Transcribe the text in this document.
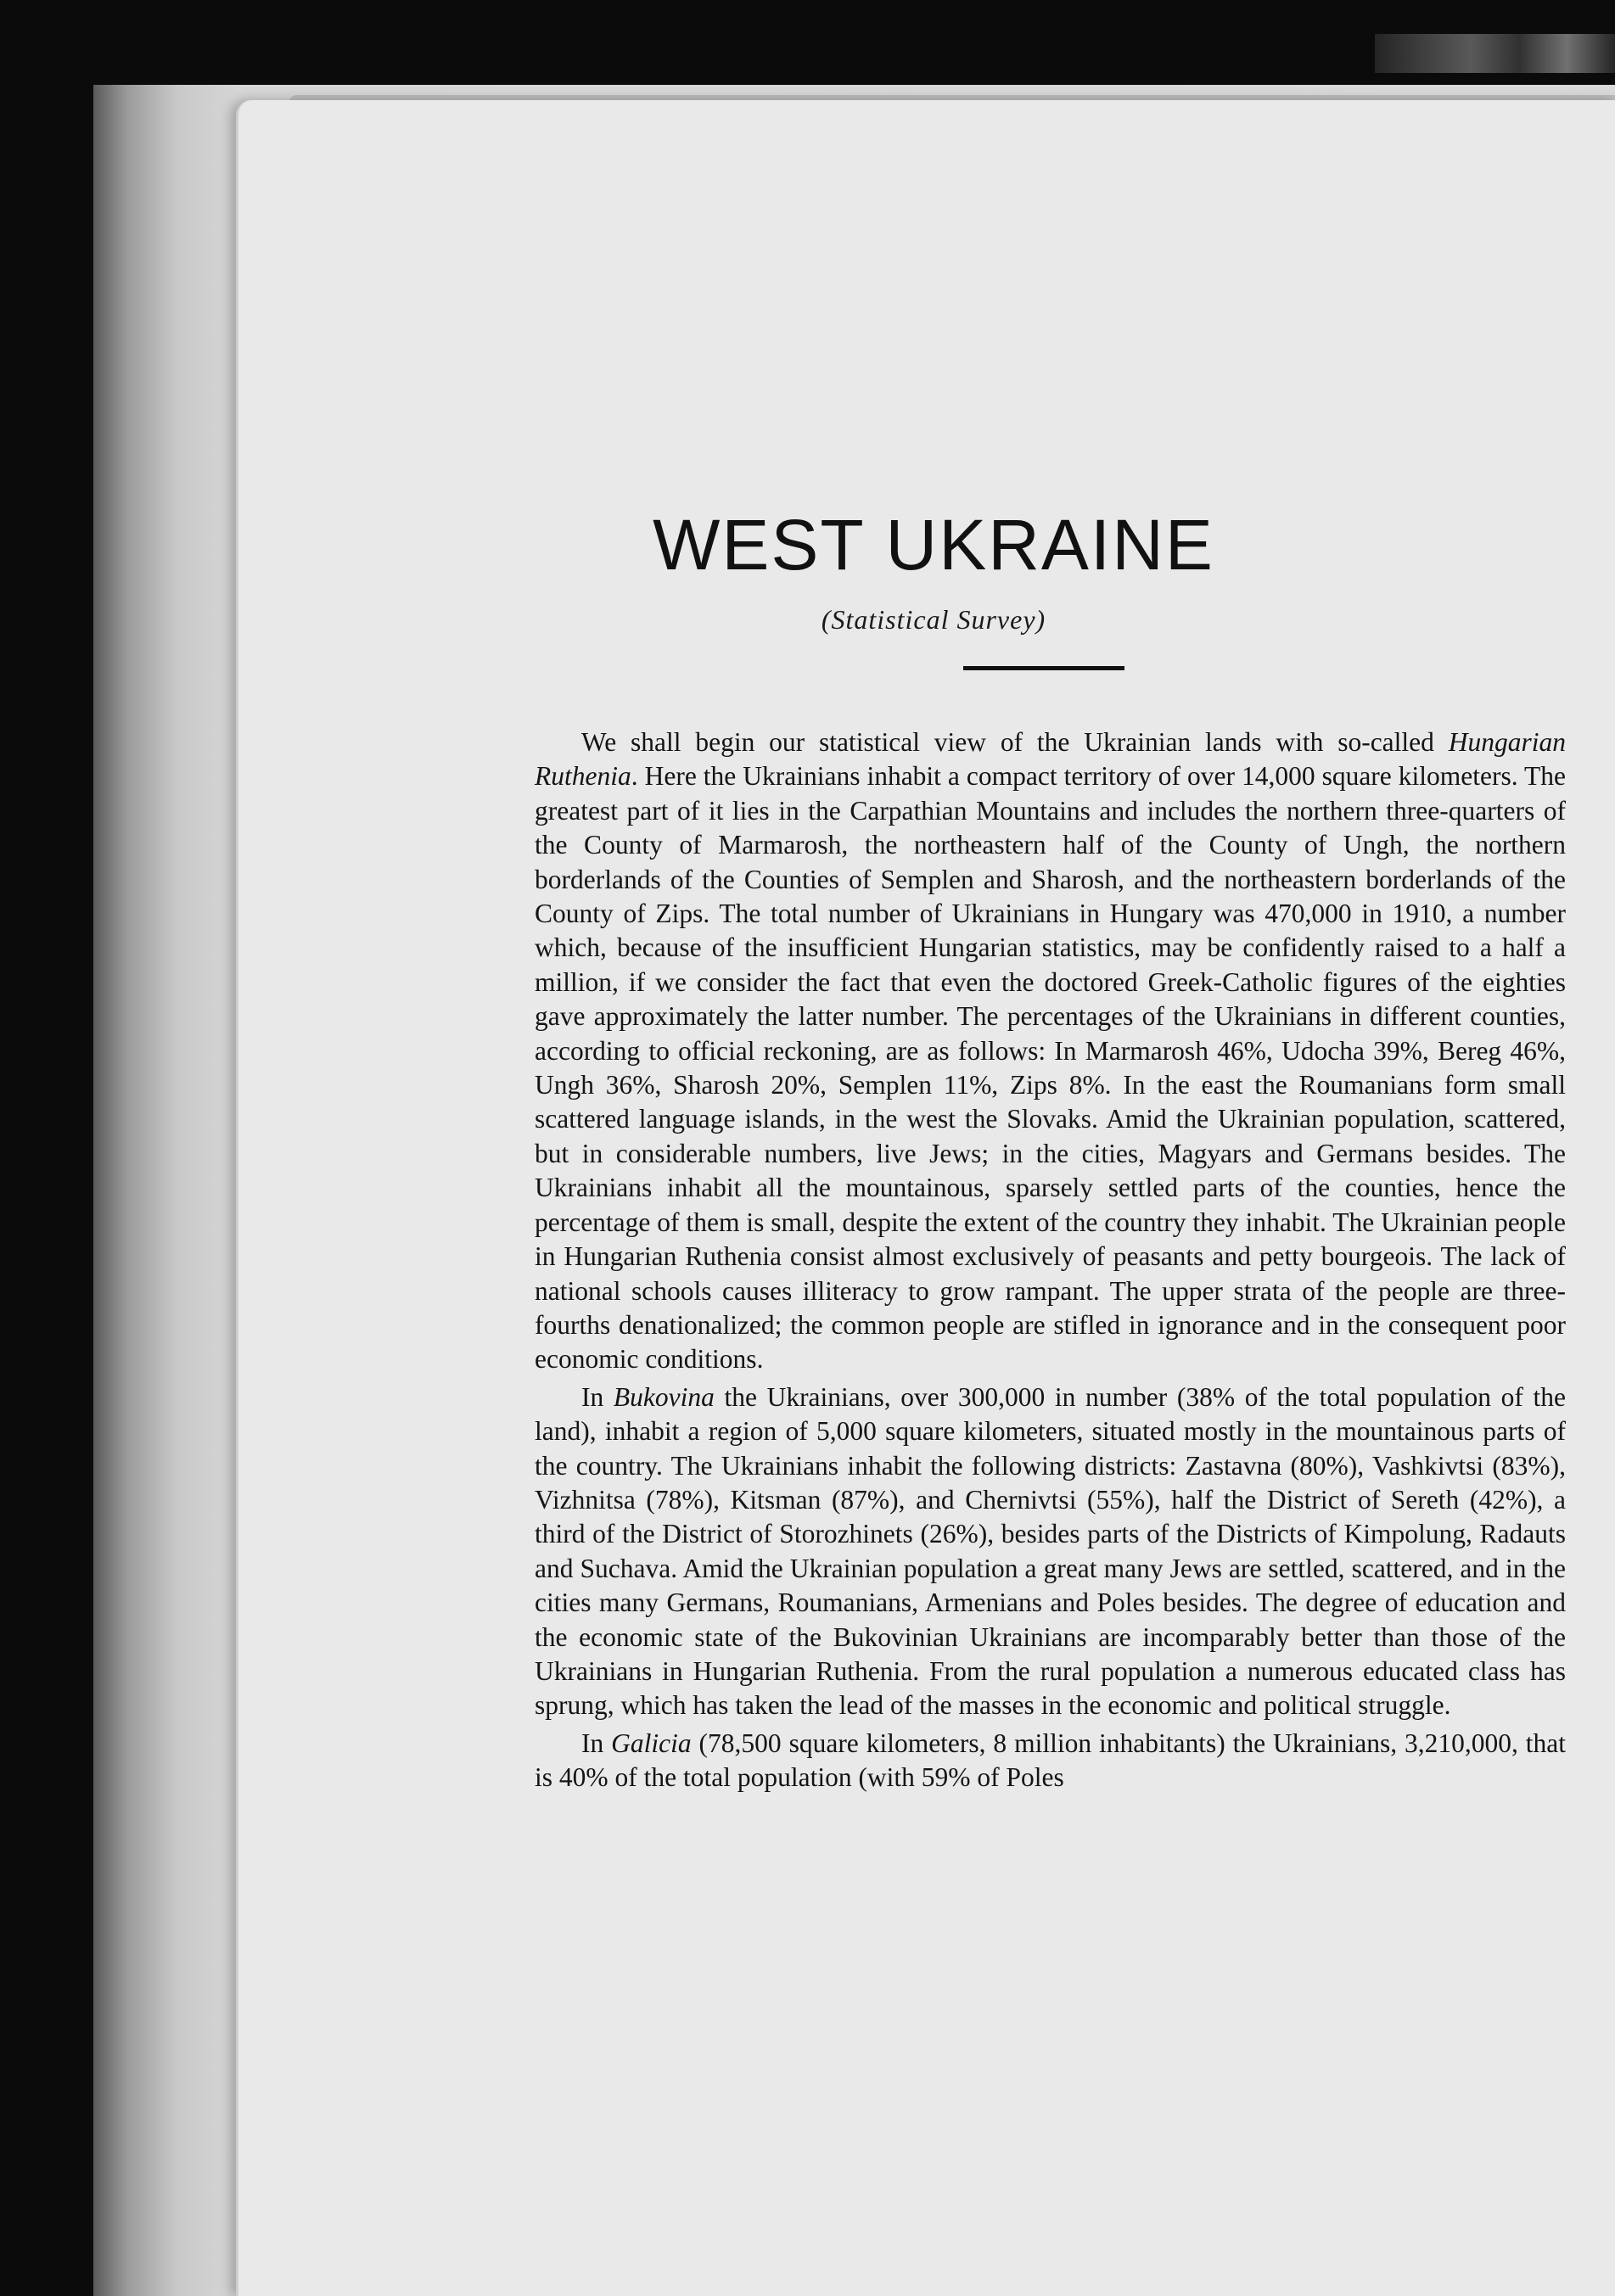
WEST UKRAINE
(Statistical Survey)

We shall begin our statistical view of the Ukrainian lands with so-called Hungarian Ruthenia. Here the Ukrainians inhabit a compact territory of over 14,000 square kilometers. The greatest part of it lies in the Carpathian Mountains and includes the northern three-quarters of the County of Marmarosh, the northeastern half of the County of Ungh, the northern borderlands of the Counties of Semplen and Sharosh, and the northeastern borderlands of the County of Zips. The total number of Ukrainians in Hungary was 470,000 in 1910, a number which, because of the insufficient Hungarian statistics, may be confidently raised to a half a million, if we consider the fact that even the doctored Greek-Catholic figures of the eighties gave approximately the latter number. The percentages of the Ukrainians in different counties, according to official reckoning, are as follows: In Marmarosh 46%, Udocha 39%, Bereg 46%, Ungh 36%, Sharosh 20%, Semplen 11%, Zips 8%. In the east the Roumanians form small scattered language islands, in the west the Slovaks. Amid the Ukrainian population, scattered, but in considerable numbers, live Jews; in the cities, Magyars and Germans besides. The Ukrainians inhabit all the mountainous, sparsely settled parts of the counties, hence the percentage of them is small, despite the extent of the country they inhabit. The Ukrainian people in Hungarian Ruthenia consist almost exclusively of peasants and petty bourgeois. The lack of national schools causes illiteracy to grow rampant. The upper strata of the people are three-fourths denationalized; the common people are stifled in ignorance and in the consequent poor economic conditions.

In Bukovina the Ukrainians, over 300,000 in number (38% of the total population of the land), inhabit a region of 5,000 square kilometers, situated mostly in the mountainous parts of the country. The Ukrainians inhabit the following districts: Zastavna (80%), Vashkivtsi (83%), Vizhnitsa (78%), Kitsman (87%), and Chernivtsi (55%), half the District of Sereth (42%), a third of the District of Storozhinets (26%), besides parts of the Districts of Kimpolung, Radauts and Suchava. Amid the Ukrainian population a great many Jews are settled, scattered, and in the cities many Germans, Roumanians, Armenians and Poles besides. The degree of education and the economic state of the Bukovinian Ukrainians are incomparably better than those of the Ukrainians in Hungarian Ruthenia. From the rural population a numerous educated class has sprung, which has taken the lead of the masses in the economic and political struggle.

In Galicia (78,500 square kilometers, 8 million inhabitants) the Ukrainians, 3,210,000, that is 40% of the total population (with 59% of Poles
